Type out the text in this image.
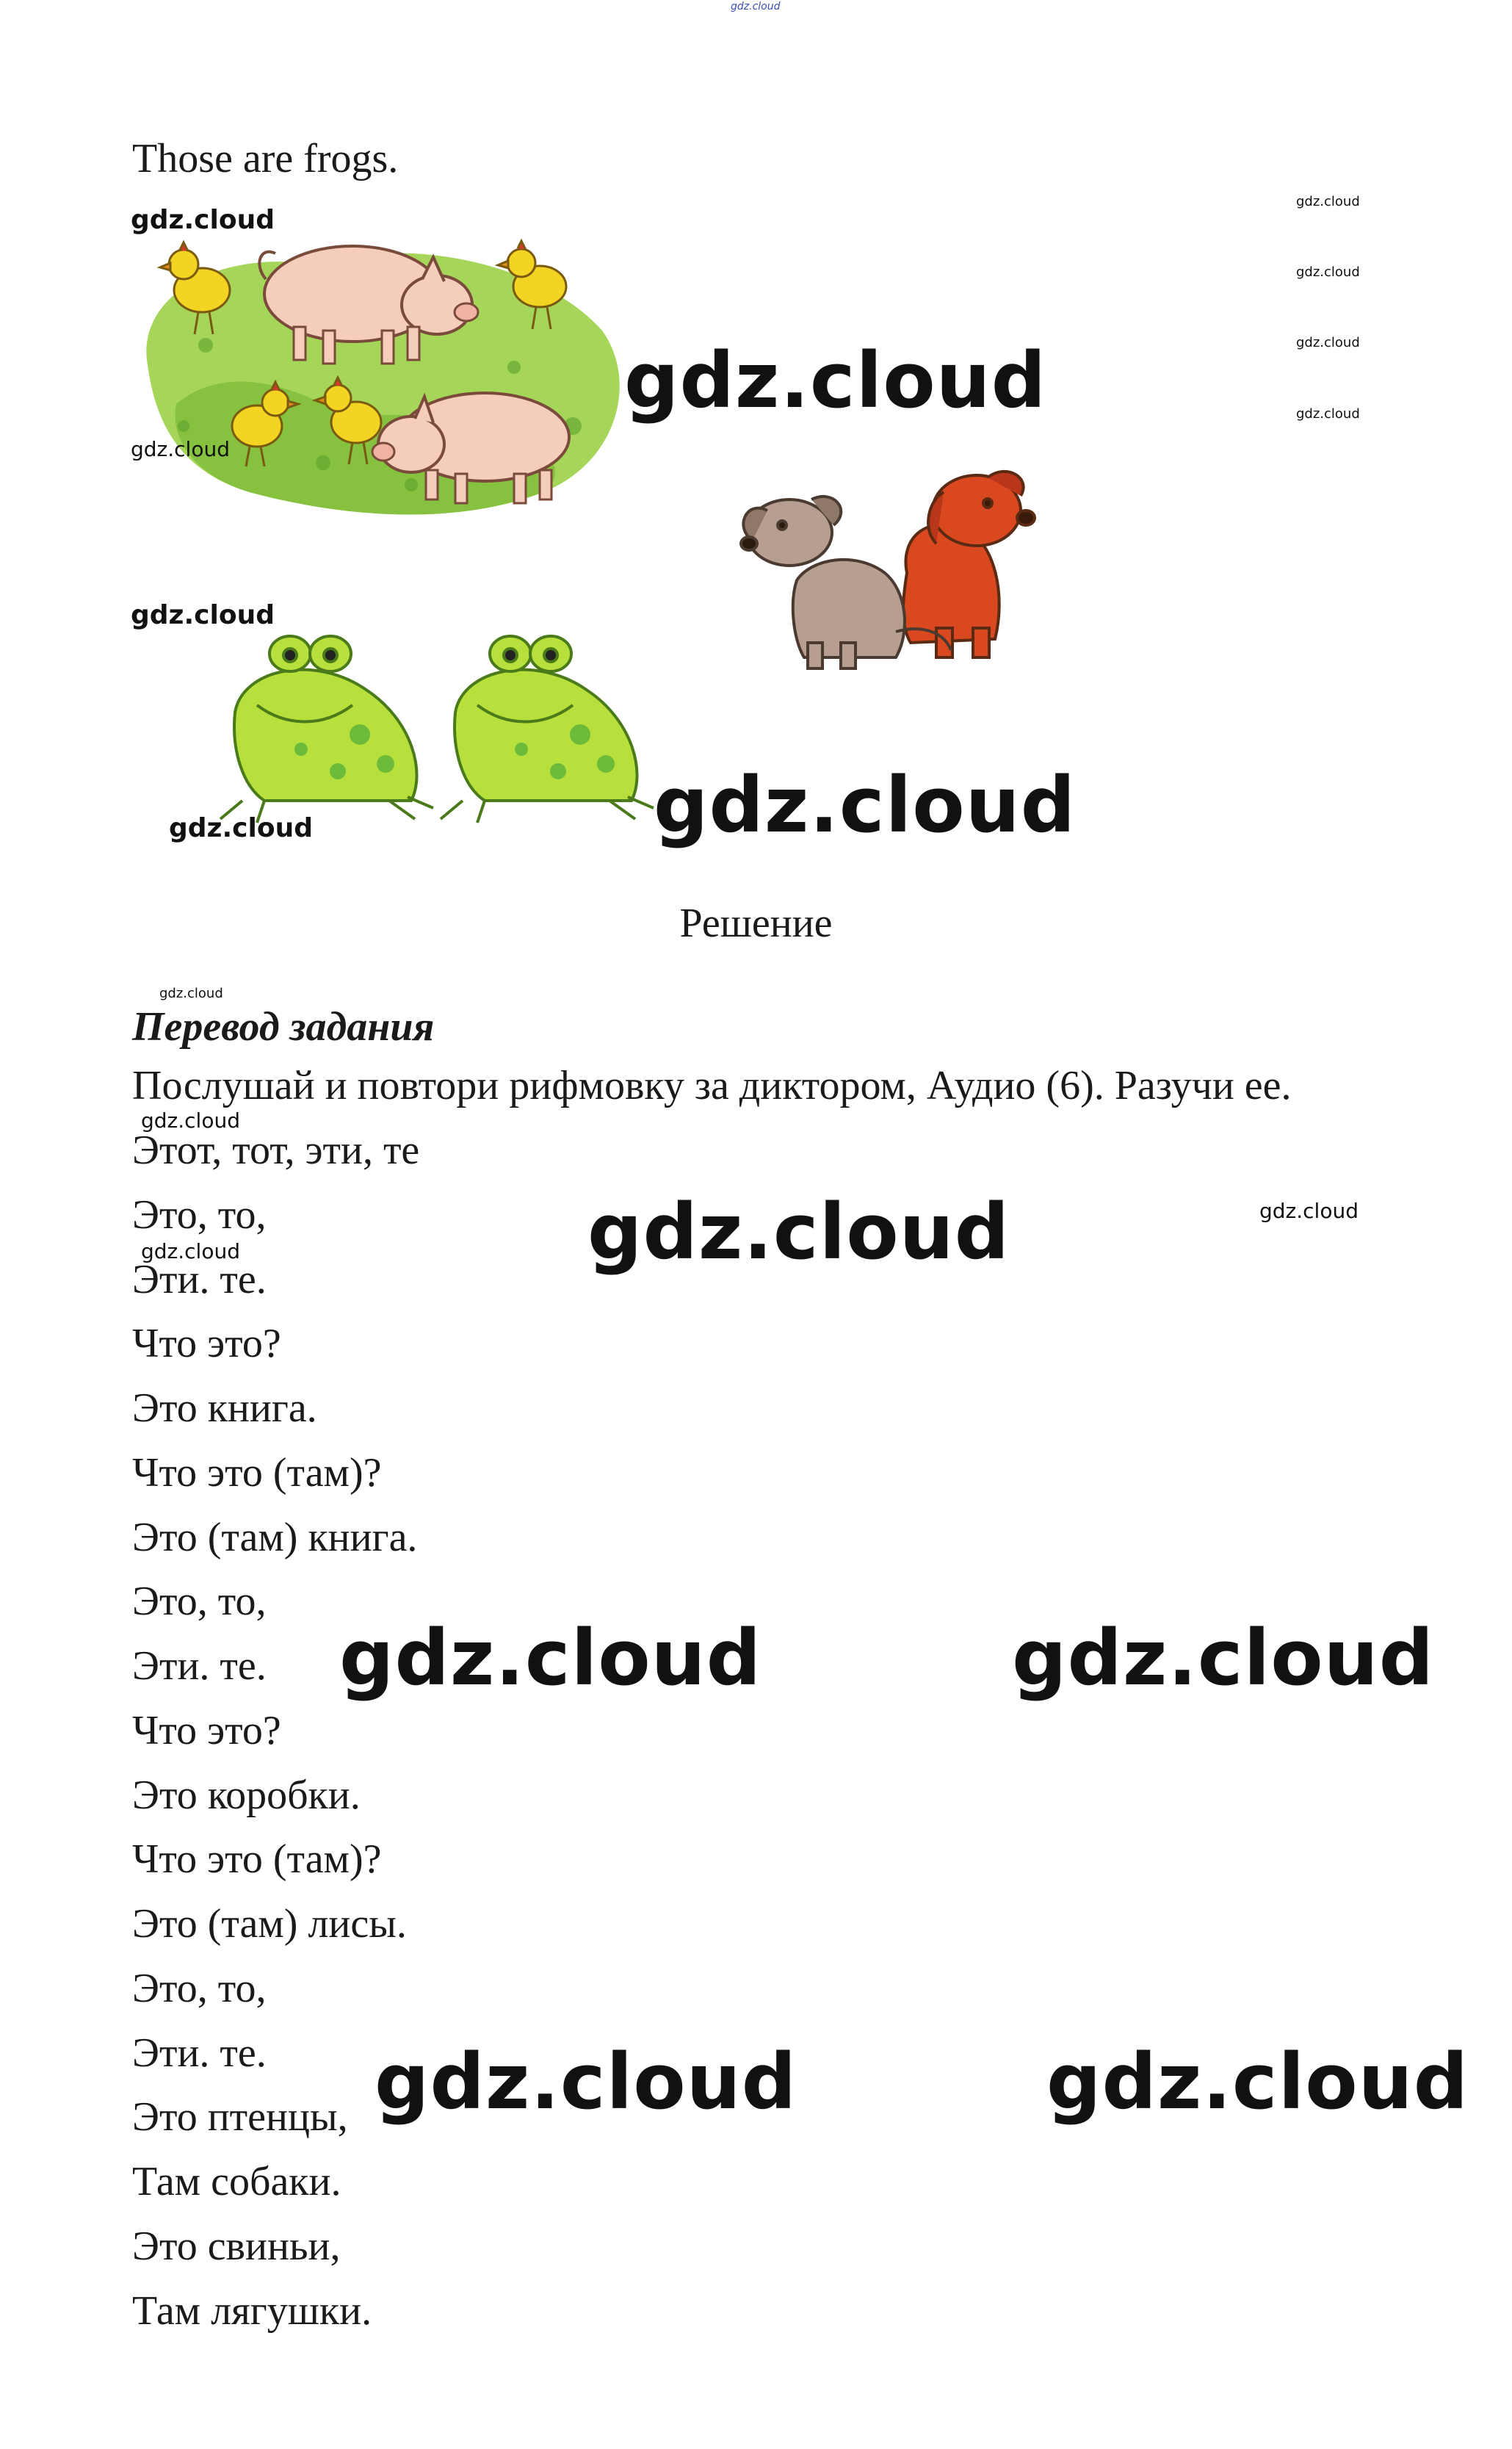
gdz.cloud
Those are frogs.
gdz.cloud
gdz.cloud
gdz.cloud
gdz.cloud
gdz.cloud
gdz.cloud
gdz.cloud
gdz.cloud
gdz.cloud	gdz.cloud
Решение
gdz.cloud
Перевод задания
Послушай и повтори рифмовку за диктором, Аудио (6). Разучи ее.
Этот, тот, эти, те
Это, то,
Эти. те.
Что это?
Это книга.
Что это (там)?
Это (там) книга.
Это, то,
Эти. те.
Что это?
Это коробки.
Что это (там)?
Это (там) лисы.
Это, то,
Эти. те.
Это птенцы,
Там собаки.
Это свиньи,
Там лягушки.
gdz.cloud
gdz.cloud
gdz.cloud
gdz.cloud
gdz.cloud	gdz.cloud
gdz.cloud	gdz.cloud
